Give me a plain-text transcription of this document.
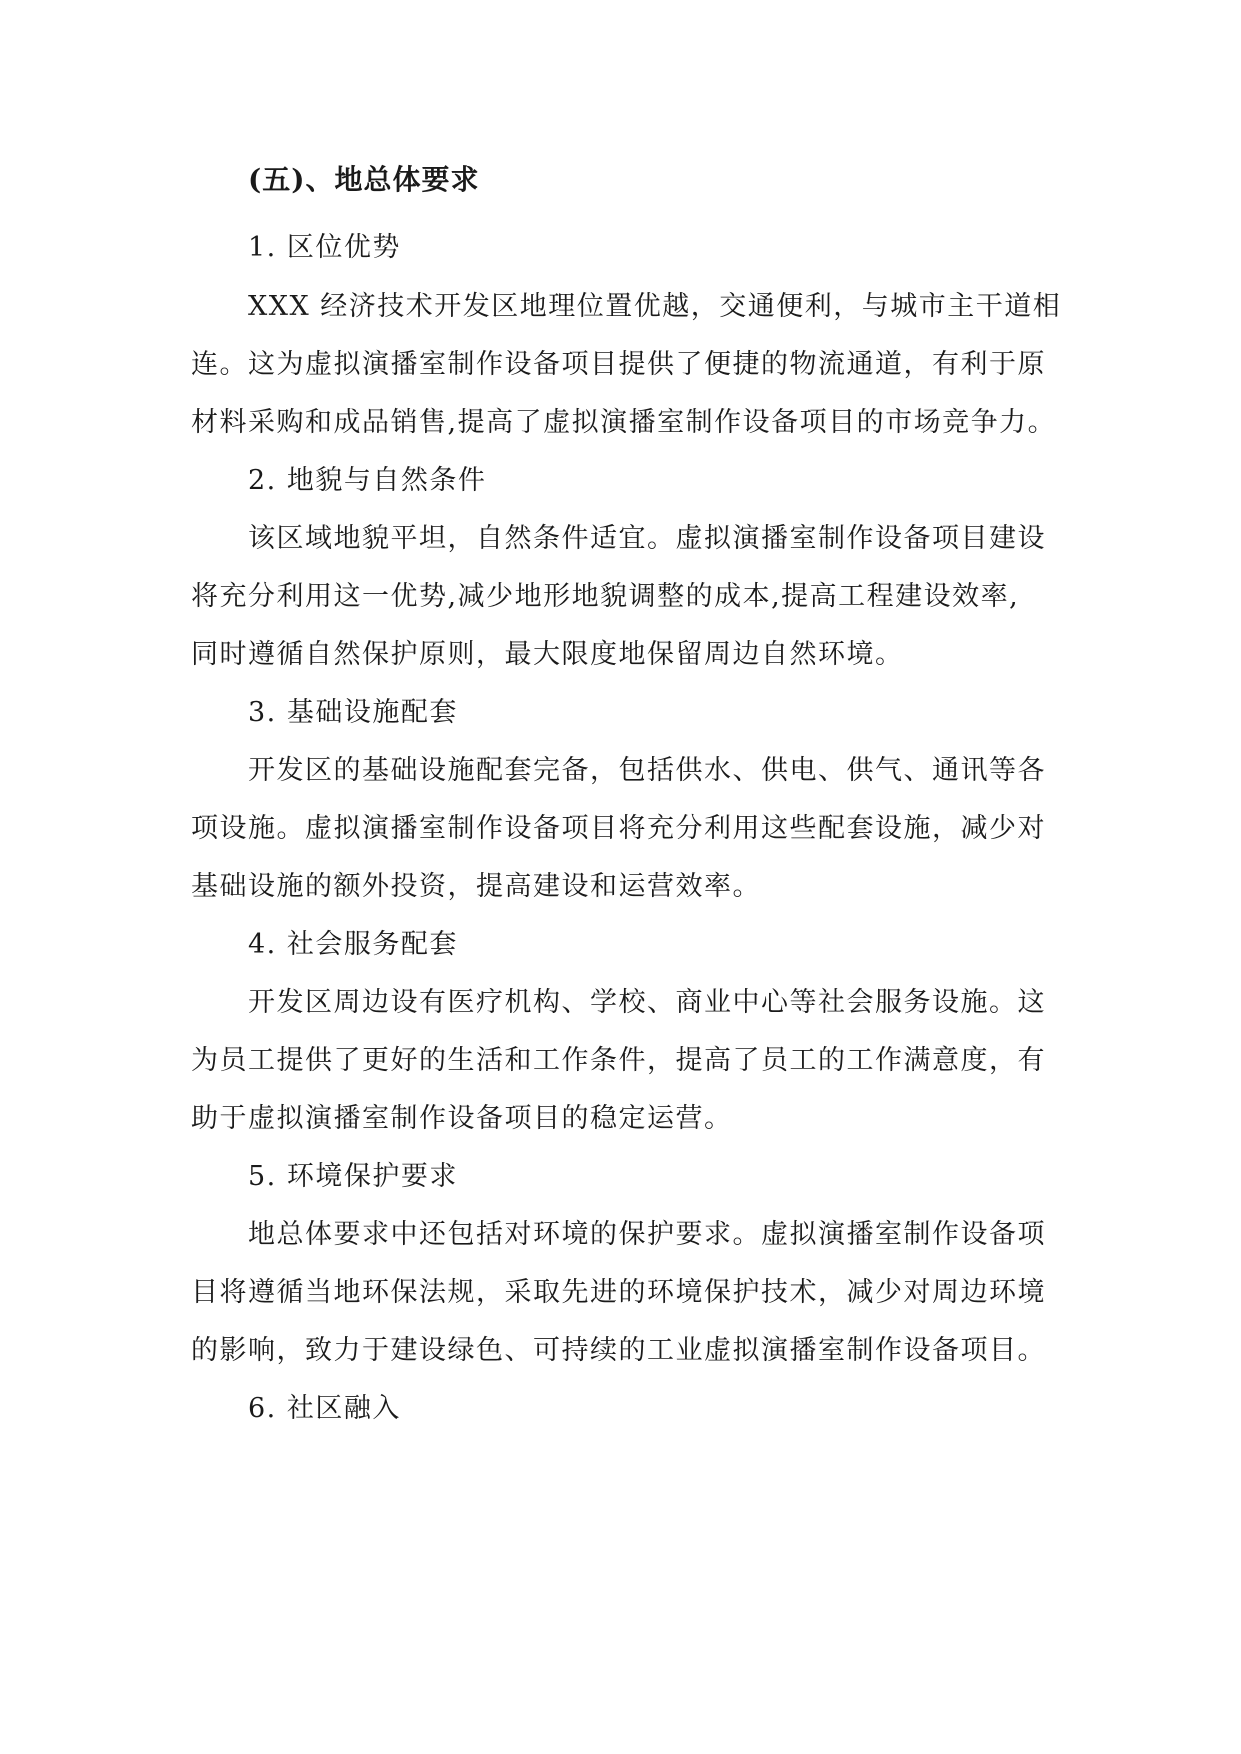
(五)、地总体要求

1. 区位优势

XXX 经济技术开发区地理位置优越，交通便利，与城市主干道相

连。这为虚拟演播室制作设备项目提供了便捷的物流通道，有利于原

材料采购和成品销售,提高了虚拟演播室制作设备项目的市场竞争力。

2. 地貌与自然条件

该区域地貌平坦，自然条件适宜。虚拟演播室制作设备项目建设

将充分利用这一优势,减少地形地貌调整的成本,提高工程建设效率,

同时遵循自然保护原则，最大限度地保留周边自然环境。

3. 基础设施配套

开发区的基础设施配套完备，包括供水、供电、供气、通讯等各

项设施。虚拟演播室制作设备项目将充分利用这些配套设施，减少对

基础设施的额外投资，提高建设和运营效率。

4. 社会服务配套

开发区周边设有医疗机构、学校、商业中心等社会服务设施。这

为员工提供了更好的生活和工作条件，提高了员工的工作满意度，有

助于虚拟演播室制作设备项目的稳定运营。

5. 环境保护要求

地总体要求中还包括对环境的保护要求。虚拟演播室制作设备项

目将遵循当地环保法规，采取先进的环境保护技术，减少对周边环境

的影响，致力于建设绿色、可持续的工业虚拟演播室制作设备项目。

6. 社区融入
